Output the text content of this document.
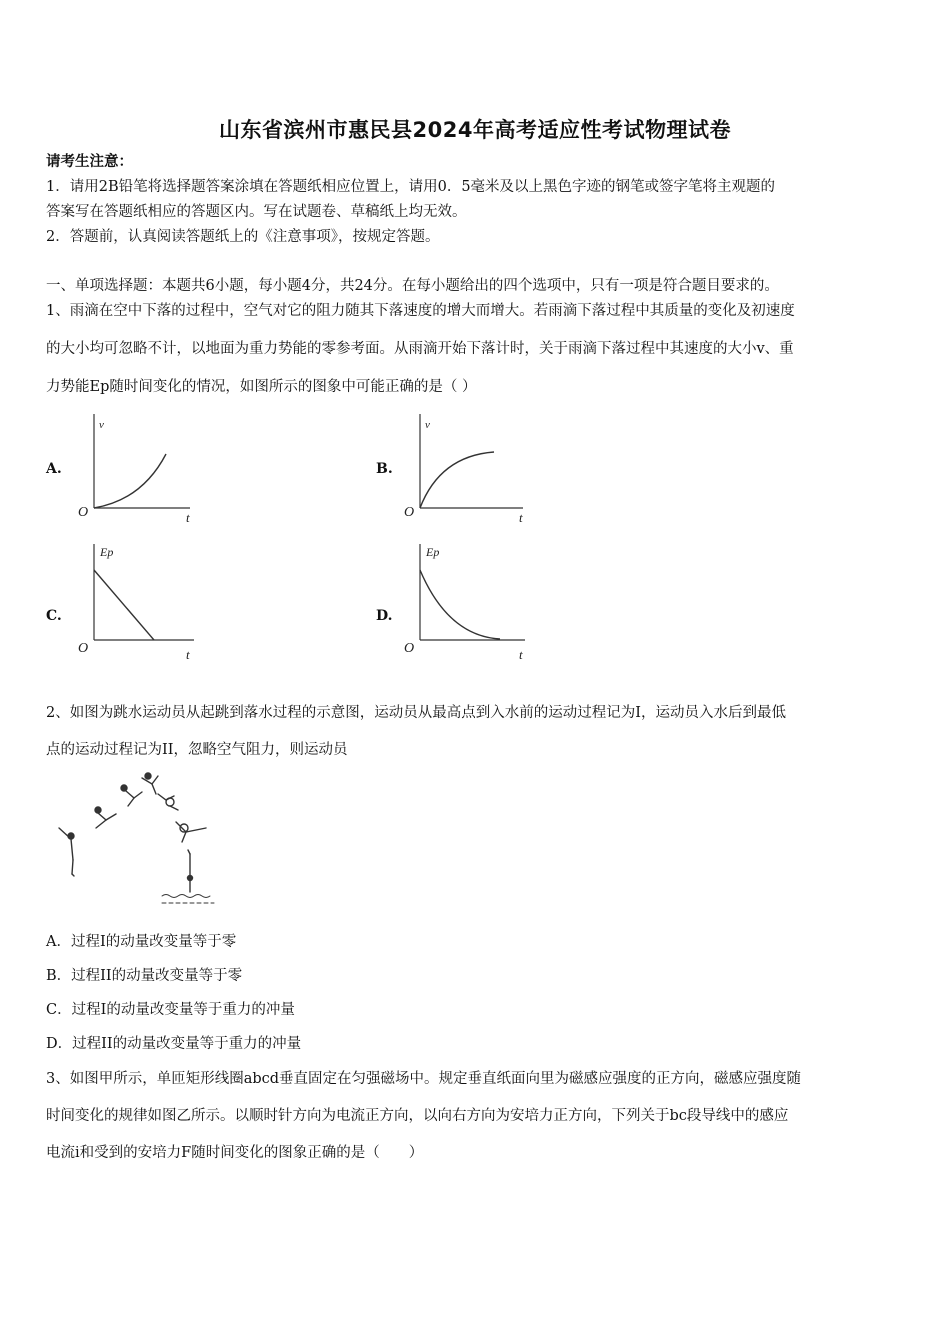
山东省滨州市惠民县2024年高考适应性考试物理试卷
请考生注意：
1．请用2B铅笔将选择题答案涂填在答题纸相应位置上，请用0．5毫米及以上黑色字迹的钢笔或签字笔将主观题的
答案写在答题纸相应的答题区内。写在试题卷、草稿纸上均无效。
2．答题前，认真阅读答题纸上的《注意事项》，按规定答题。
一、单项选择题：本题共6小题，每小题4分，共24分。在每小题给出的四个选项中，只有一项是符合题目要求的。
1、雨滴在空中下落的过程中，空气对它的阻力随其下落速度的增大而增大。若雨滴下落过程中其质量的变化及初速度
的大小均可忽略不计，以地面为重力势能的零参考面。从雨滴开始下落计时，关于雨滴下落过程中其速度的大小v、重
力势能Ep随时间变化的情况，如图所示的图象中可能正确的是（ ）
A.
v
O	t
B.
v
O	t
C.
Ep
O	t
D.
Ep
O	t
2、如图为跳水运动员从起跳到落水过程的示意图，运动员从最高点到入水前的运动过程记为I，运动员入水后到最低
点的运动过程记为II，忽略空气阻力，则运动员
A．过程I的动量改变量等于零
B．过程II的动量改变量等于零
C．过程I的动量改变量等于重力的冲量
D．过程II的动量改变量等于重力的冲量
3、如图甲所示，单匝矩形线圈abcd垂直固定在匀强磁场中。规定垂直纸面向里为磁感应强度的正方向，磁感应强度随
时间变化的规律如图乙所示。以顺时针方向为电流正方向，以向右方向为安培力正方向，下列关于bc段导线中的感应
电流i和受到的安培力F随时间变化的图象正确的是（　　）
